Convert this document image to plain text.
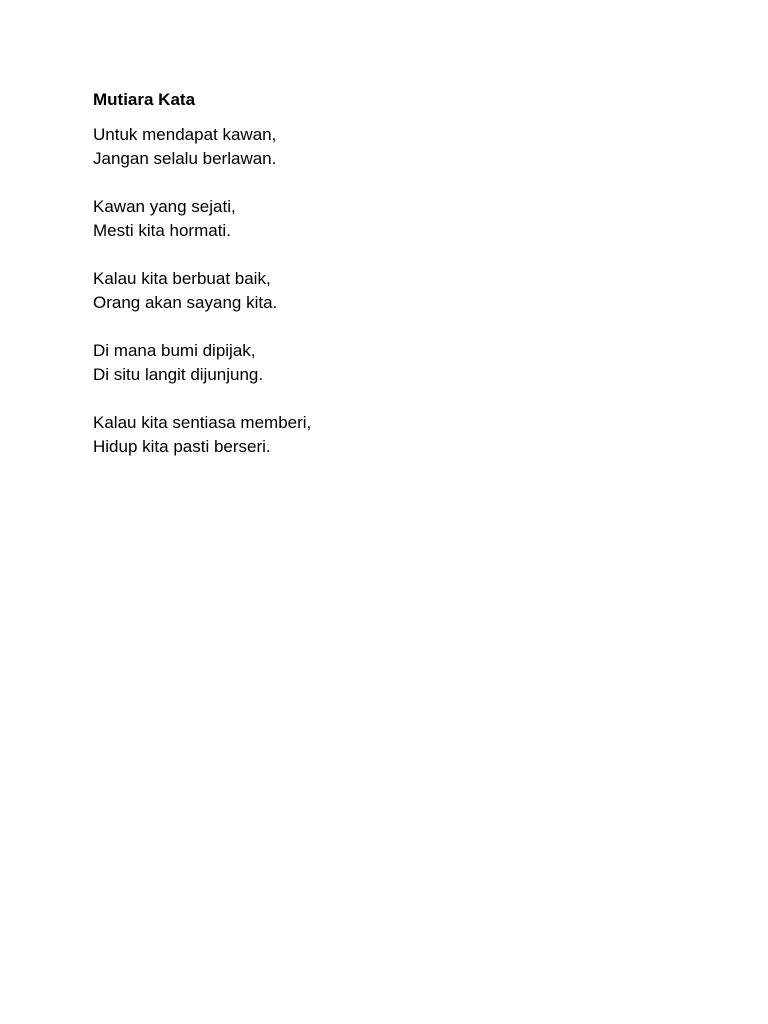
Mutiara Kata
Untuk mendapat kawan,
Jangan selalu berlawan.
Kawan yang sejati,
Mesti kita hormati.
Kalau kita berbuat baik,
Orang akan sayang kita.
Di mana bumi dipijak,
Di situ langit dijunjung.
Kalau kita sentiasa memberi,
Hidup kita pasti berseri.
